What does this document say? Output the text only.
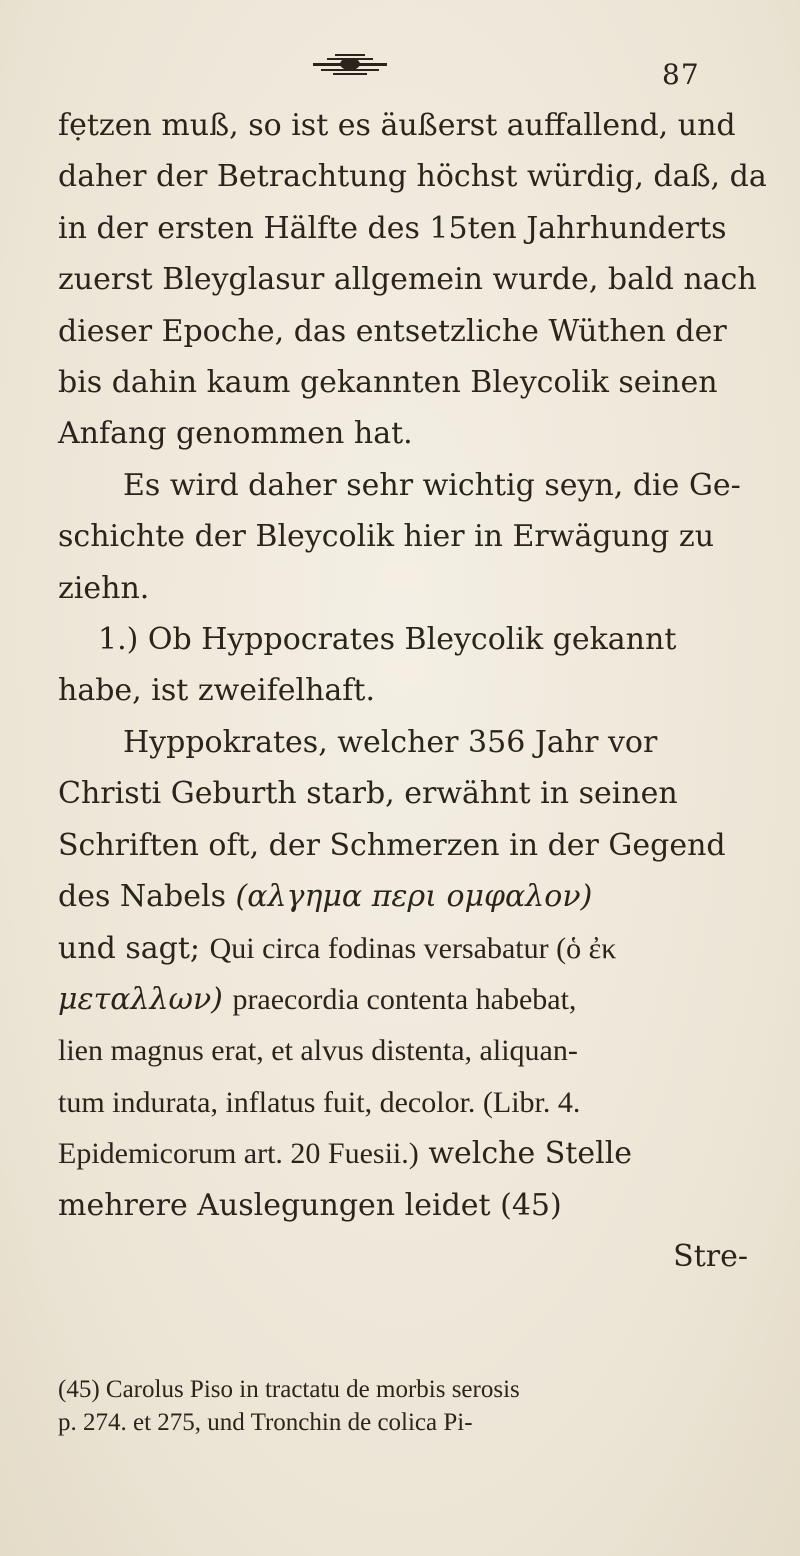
87
fẹtzen muß, so ist es äußerst auffallend, und
daher der Betrachtung höchst würdig, daß, da
in der ersten Hälfte des 15ten Jahrhunderts
zuerst Bleyglasur allgemein wurde, bald nach
dieser Epoche, das entsetzliche Wüthen der
bis dahin kaum gekannten Bleycolik seinen
Anfang genommen hat.
Es wird daher sehr wichtig seyn, die Ge-
schichte der Bleycolik hier in Erwägung zu
ziehn.
1.) Ob Hyppocrates Bleycolik gekannt
habe, ist zweifelhaft.
Hyppokrates, welcher 356 Jahr vor
Christi Geburth starb, erwähnt in seinen
Schriften oft, der Schmerzen in der Gegend
des Nabels (αλγημα περι ομφαλον)
und sagt; Qui circa fodinas versabatur (ὁ ἐκ
μεταλλων) praecordia contenta habebat,
lien magnus erat, et alvus distenta, aliquan-
tum indurata, inflatus fuit, decolor. (Libr. 4.
Epidemicorum art. 20 Fuesii.) welche Stelle
mehrere Auslegungen leidet (45)
Stre-
(45) Carolus Piso in tractatu de morbis serosis
p. 274. et 275, und Tronchin de colica Pi-
